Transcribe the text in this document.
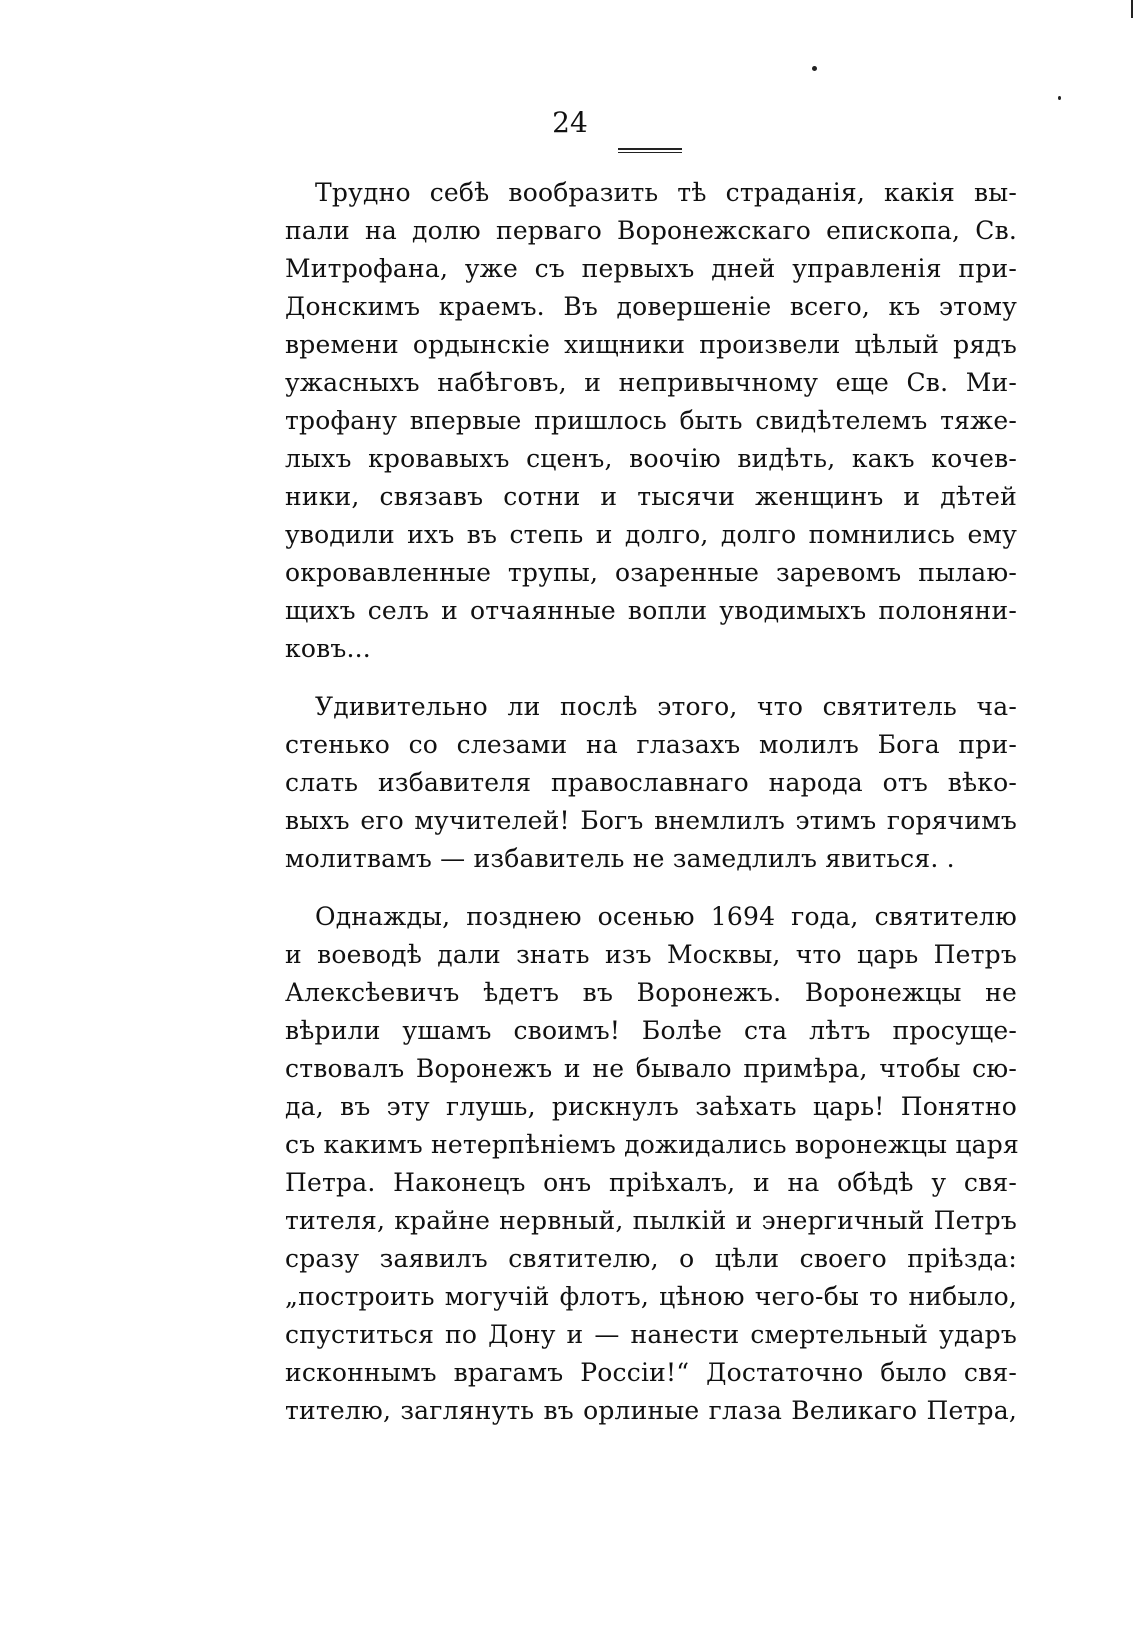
24
Трудно себѣ вообразить тѣ страданія, какія вы-
пали на долю перваго Воронежскаго епископа, Св.
Митрофана, уже съ первыхъ дней управленія при-
Донскимъ краемъ. Въ довершеніе всего, къ этому
времени ордынскіе хищники произвели цѣлый рядъ
ужасныхъ набѣговъ, и непривычному еще Св. Ми-
трофану впервые пришлось быть свидѣтелемъ тяже-
лыхъ кровавыхъ сценъ, воочію видѣть, какъ кочев-
ники, связавъ сотни и тысячи женщинъ и дѣтей
уводили ихъ въ степь и долго, долго помнились ему
окровавленные трупы, озаренные заревомъ пылаю-
щихъ селъ и отчаянные вопли уводимыхъ полоняни-
ковъ...
Удивительно ли послѣ этого, что святитель ча-
стенько со слезами на глазахъ молилъ Бога при-
слать избавителя православнаго народа отъ вѣко-
выхъ его мучителей! Богъ внемлилъ этимъ горячимъ
молитвамъ — избавитель не замедлилъ явиться. .
Однажды, позднею осенью 1694 года, святителю
и воеводѣ дали знать изъ Москвы, что царь Петръ
Алексѣевичъ ѣдетъ въ Воронежъ. Воронежцы не
вѣрили ушамъ своимъ! Болѣе ста лѣтъ просуще-
ствовалъ Воронежъ и не бывало примѣра, чтобы сю-
да, въ эту глушь, рискнулъ заѣхать царь! Понятно
съ какимъ нетерпѣніемъ дожидались воронежцы царя
Петра. Наконецъ онъ пріѣхалъ, и на обѣдѣ у свя-
тителя, крайне нервный, пылкій и энергичный Петръ
сразу заявилъ святителю, о цѣли своего пріѣзда:
„построить могучій флотъ, цѣною чего-бы то нибыло,
спуститься по Дону и — нанести смертельный ударъ
исконнымъ врагамъ Россіи!“ Достаточно было свя-
тителю, заглянуть въ орлиные глаза Великаго Петра,
